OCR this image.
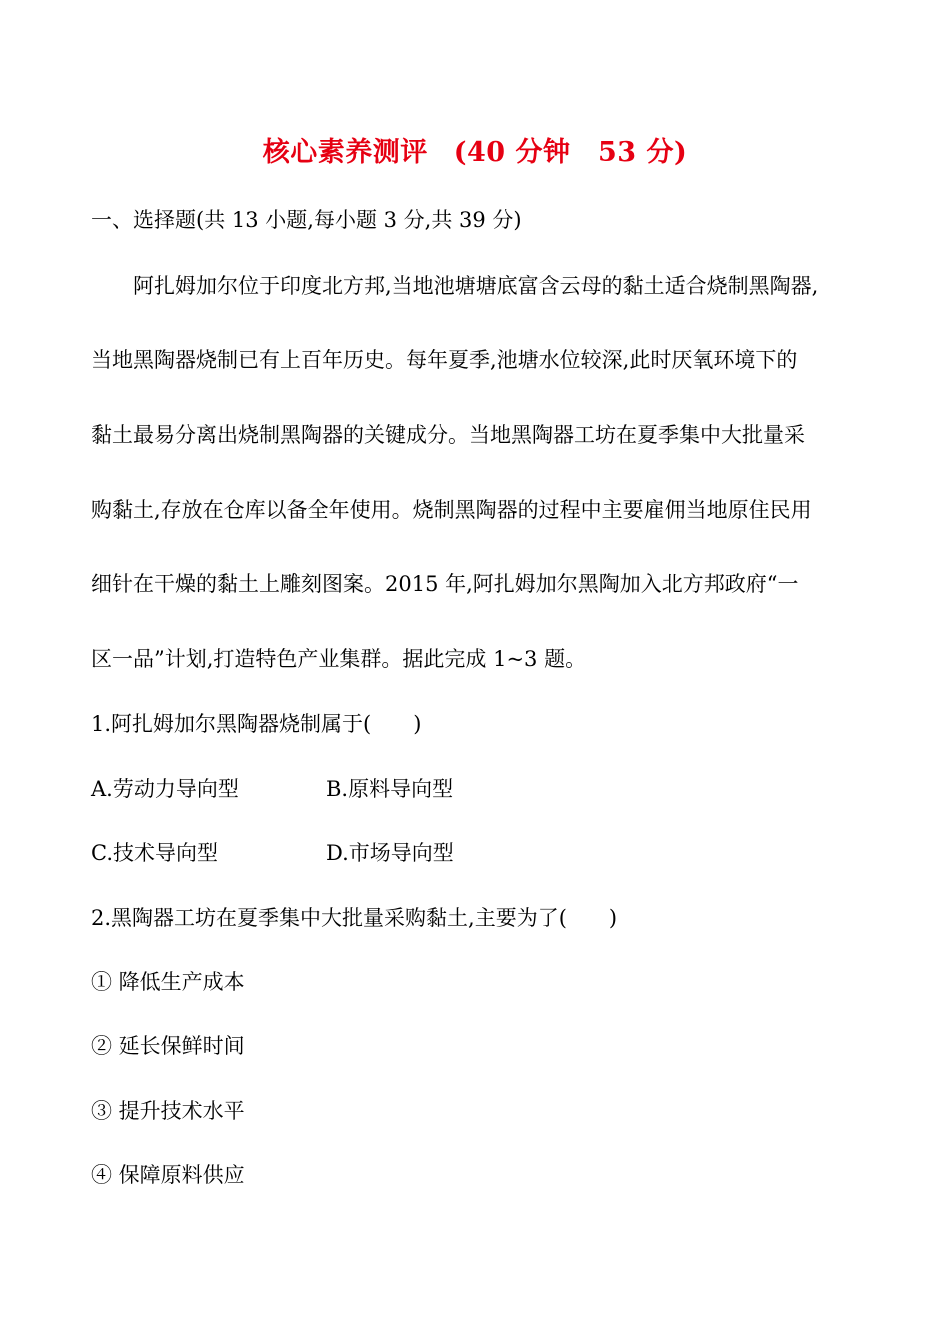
核心素养测评 (40 分钟　53 分)
一、选择题(共 13 小题,每小题 3 分,共 39 分)
　　阿扎姆加尔位于印度北方邦,当地池塘塘底富含云母的黏土适合烧制黑陶器,
当地黑陶器烧制已有上百年历史。每年夏季,池塘水位较深,此时厌氧环境下的
黏土最易分离出烧制黑陶器的关键成分。当地黑陶器工坊在夏季集中大批量采
购黏土,存放在仓库以备全年使用。烧制黑陶器的过程中主要雇佣当地原住民用
细针在干燥的黏土上雕刻图案。2015 年,阿扎姆加尔黑陶加入北方邦政府“一
区一品”计划,打造特色产业集群。据此完成 1~3 题。
1.阿扎姆加尔黑陶器烧制属于(　　)
A.劳动力导向型	B.原料导向型
C.技术导向型	D.市场导向型
2.黑陶器工坊在夏季集中大批量采购黏土,主要为了(　　)
① 降低生产成本
② 延长保鲜时间
③ 提升技术水平
④ 保障原料供应
